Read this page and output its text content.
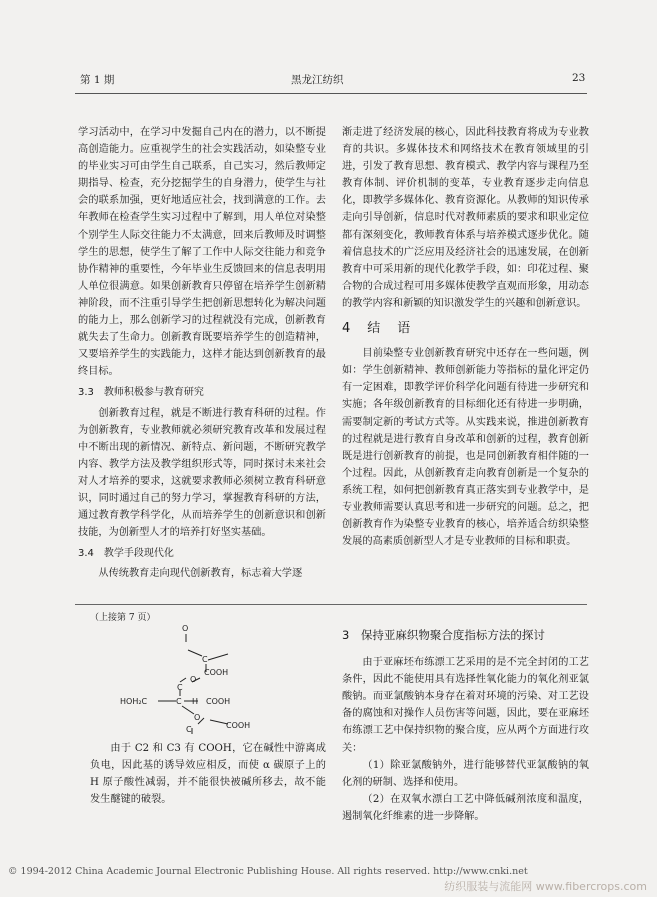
第 1 期	黑龙江纺织	23

学习活动中，在学习中发掘自己内在的潜力，以不断提高创造能力。应重视学生的社会实践活动，如染整专业的毕业实习可由学生自己联系，自己实习，然后教师定期指导、检查，充分挖掘学生的自身潜力，使学生与社会的联系加强，更好地适应社会，找到满意的工作。去年教师在检查学生实习过程中了解到，用人单位对染整个别学生人际交往能力不太满意，回来后教师及时调整学生的思想，使学生了解了工作中人际交往能力和竞争协作精神的重要性，今年毕业生反馈回来的信息表明用人单位很满意。如果创新教育只停留在培养学生创新精神阶段，而不注重引导学生把创新思想转化为解决问题的能力上，那么创新学习的过程就没有完成，创新教育就失去了生命力。创新教育既要培养学生的创造精神，又要培养学生的实践能力，这样才能达到创新教育的最终目标。

3.3　教师积极参与教育研究

创新教育过程，就是不断进行教育科研的过程。作为创新教育，专业教师就必须研究教育改革和发展过程中不断出现的新情况、新特点、新问题，不断研究教学内容、教学方法及教学组织形式等，同时探讨未来社会对人才培养的要求，这就要求教师必须树立教育科研意识，同时通过自己的努力学习，掌握教育科研的方法，通过教育教学科学化，从而培养学生的创新意识和创新技能，为创新型人才的培养打好坚实基础。

3.4　教学手段现代化

从传统教育走向现代创新教育，标志着大学逐

渐走进了经济发展的核心，因此科技教育将成为专业教育的共识。多媒体技术和网络技术在教育领域里的引进，引发了教育思想、教育模式、教学内容与课程乃至教育体制、评价机制的变革，专业教育逐步走向信息化，即教学多媒体化、教育资源化。从教师的知识传承走向引导创新，信息时代对教师素质的要求和职业定位都有深刻变化，教师教育体系与培养模式逐步优化。随着信息技术的广泛应用及经济社会的迅速发展，在创新教育中可采用新的现代化教学手段，如：印花过程、聚合物的合成过程可用多媒体使教学直观而形象，用动态的教学内容和新颖的知识激发学生的兴趣和创新意识。

4　结　语

目前染整专业创新教育研究中还存在一些问题，例如：学生创新精神、教师创新能力等指标的量化评定仍有一定困难，即教学评价科学化问题有待进一步研究和实施；各年级创新教育的目标细化还有待进一步明确，需要制定新的考试方式等。从实践来说，推进创新教育的过程就是进行教育自身改革和创新的过程，教育创新既是进行创新教育的前提，也是同创新教育相伴随的一个过程。因此，从创新教育走向教育创新是一个复杂的系统工程，如何把创新教育真正落实到专业教学中，是专业教师需要认真思考和进一步研究的问题。总之，把创新教育作为染整专业教育的核心，培养适合纺织染整发展的高素质创新型人才是专业教师的目标和职责。

（上接第 7 页）
O
C
COOH
O
C
HOH₂C	C H COOH
O
C	COOH

由于 C2 和 C3 有 COOH，它在碱性中游离成负电，因此基的诱导效应相反，而使 α 碳原子上的 H 原子酸性减弱，并不能很快被碱所移去，故不能发生醚键的破裂。

3　保持亚麻织物聚合度指标方法的探讨

由于亚麻坯布练漂工艺采用的是不完全封闭的工艺条件，因此不能使用具有选择性氧化能力的氧化剂亚氯酸钠。而亚氯酸钠本身存在着对环境的污染、对工艺设备的腐蚀和对操作人员伤害等问题，因此，要在亚麻坯布练漂工艺中保持织物的聚合度，应从两个方面进行攻关：

（1）除亚氯酸钠外，进行能够替代亚氯酸钠的氧化剂的研制、选择和使用。

（2）在双氧水漂白工艺中降低碱剂浓度和温度，遏制氧化纤维素的进一步降解。

© 1994-2012 China Academic Journal Electronic Publishing House. All rights reserved. http://www.cnki.net
纺织服装与流能网 www.fibercrops.com
